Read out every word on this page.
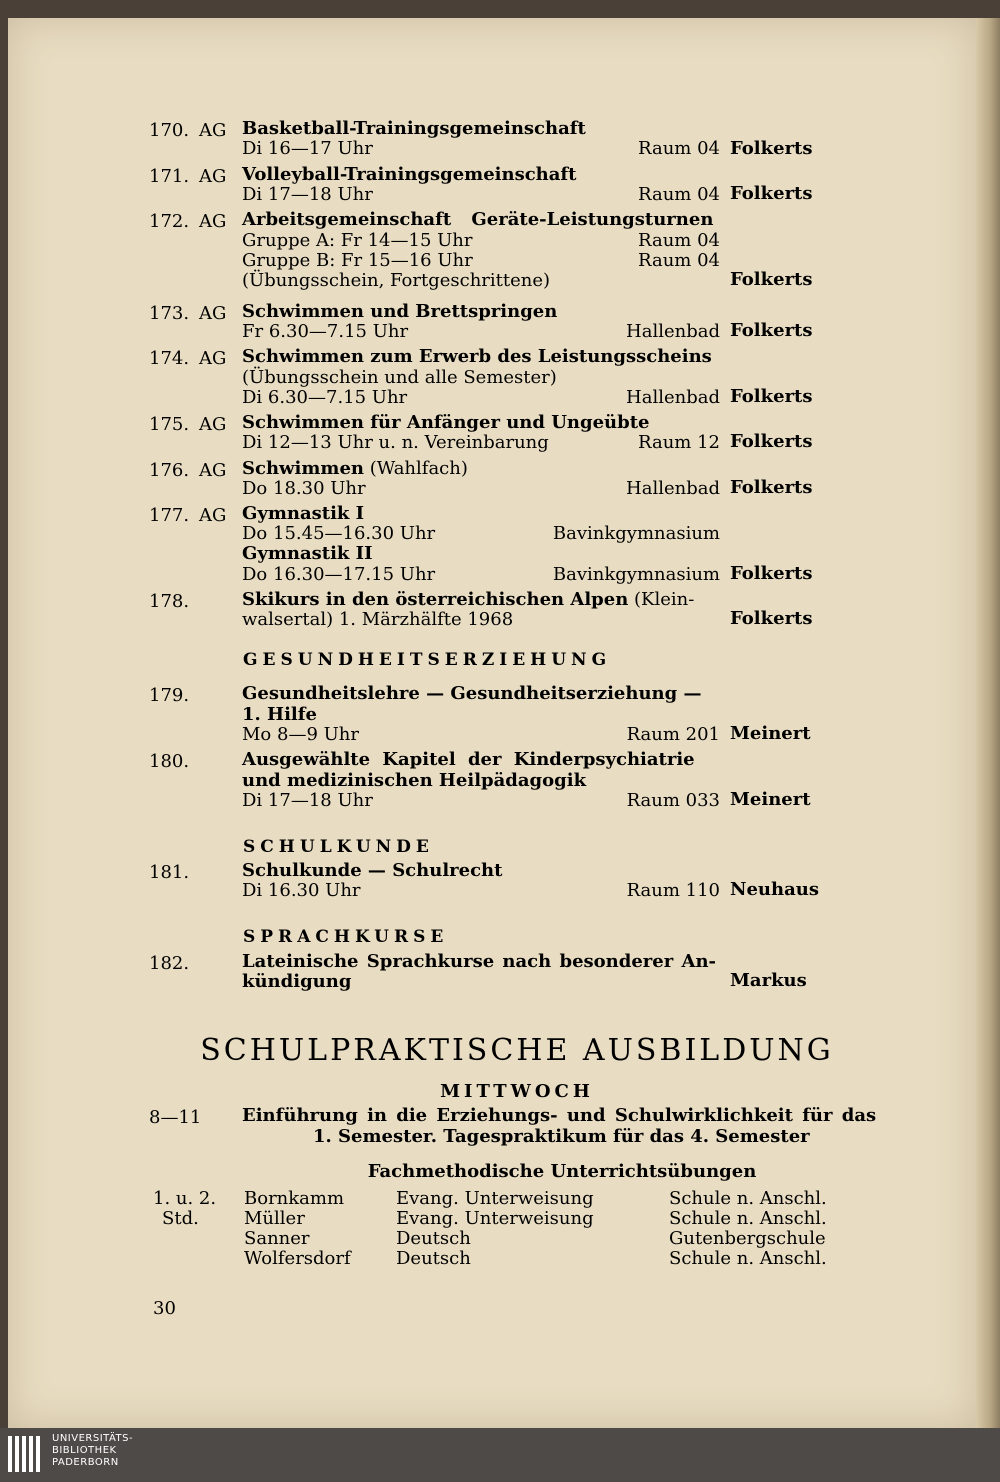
170. AG Basketball-Trainingsgemeinschaft
Di 16—17 Uhr	Raum 04 Folkerts
171. AG Volleyball-Trainingsgemeinschaft
Di 17—18 Uhr	Raum 04 Folkerts
172. AG Arbeitsgemeinschaft Geräte-Leistungsturnen
Gruppe A: Fr 14—15 Uhr	Raum 04
Gruppe B: Fr 15—16 Uhr	Raum 04
(Übungsschein, Fortgeschrittene)	Folkerts
173. AG Schwimmen und Brettspringen
Fr 6.30—7.15 Uhr	Hallenbad Folkerts
174. AG Schwimmen zum Erwerb des Leistungsscheins
(Übungsschein und alle Semester)
Di 6.30—7.15 Uhr	Hallenbad Folkerts
175. AG Schwimmen für Anfänger und Ungeübte
Di 12—13 Uhr u. n. Vereinbarung	Raum 12 Folkerts
176. AG Schwimmen (Wahlfach)
Do 18.30 Uhr	Hallenbad Folkerts
177. AG Gymnastik I
Do 15.45—16.30 Uhr	Bavinkgymnasium
Gymnastik II
Do 16.30—17.15 Uhr	Bavinkgymnasium Folkerts
178.	Skikurs in den österreichischen Alpen (Klein-
walsertal) 1. Märzhälfte 1968	Folkerts
GESUNDHEITSERZIEHUNG
179.	Gesundheitslehre — Gesundheitserziehung —
1. Hilfe
Mo 8—9 Uhr	Raum 201 Meinert
180.	Ausgewählte Kapitel der Kinderpsychiatrie
und medizinischen Heilpädagogik
Di 17—18 Uhr	Raum 033 Meinert
SCHULKUNDE
181.	Schulkunde — Schulrecht
Di 16.30 Uhr	Raum 110 Neuhaus
SPRACHKURSE
182.	Lateinische Sprachkurse nach besonderer An-
kündigung	Markus
SCHULPRAKTISCHE AUSBILDUNG
MITTWOCH
8—11 Einführung in die Erziehungs- und Schulwirklichkeit für das
1. Semester. Tagespraktikum für das 4. Semester
Fachmethodische Unterrichtsübungen
1. u. 2.
Std.
Bornkamm	Evang. Unterweisung	Schule n. Anschl.
Müller	Evang. Unterweisung	Schule n. Anschl.
Sanner	Deutsch	Gutenbergschule
Wolfersdorf	Deutsch	Schule n. Anschl.
30
UNIVERSITÄTS-
BIBLIOTHEK
PADERBORN
